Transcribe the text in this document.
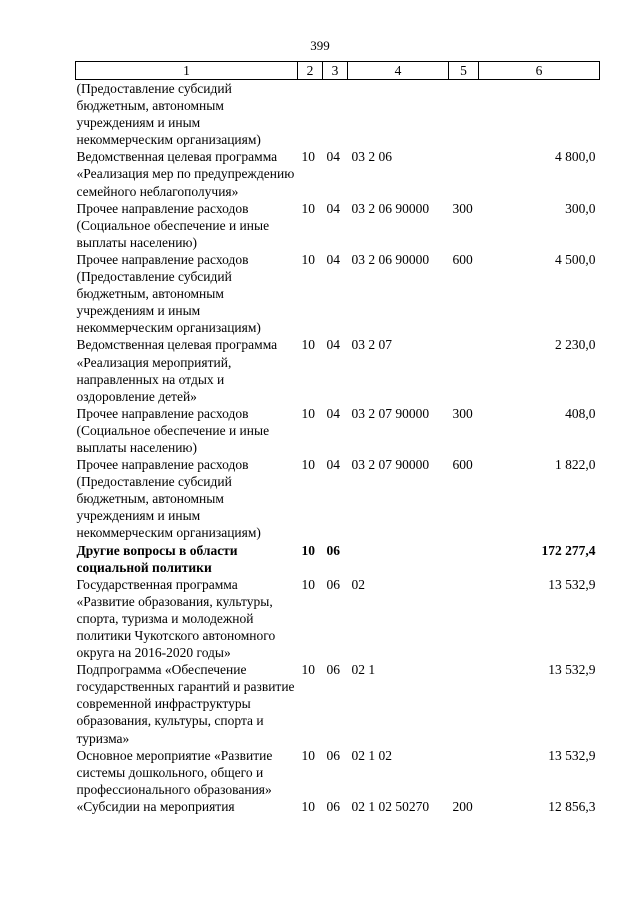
399
1	2	3	4	5	6
(Предоставление субсидий бюджетным, автономным учреждениям и иным некоммерческим организациям)					
Ведомственная целевая программа «Реализация мер по предупреждению семейного неблагополучия»	10	04	03 2 06		4 800,0
Прочее направление расходов (Социальное обеспечение и иные выплаты населению)	10	04	03 2 06 90000	300	300,0
Прочее направление расходов (Предоставление субсидий бюджетным, автономным учреждениям и иным некоммерческим организациям)	10	04	03 2 06 90000	600	4 500,0
Ведомственная целевая программа «Реализация мероприятий, направленных на отдых и оздоровление детей»	10	04	03 2 07		2 230,0
Прочее направление расходов (Социальное обеспечение и иные выплаты населению)	10	04	03 2 07 90000	300	408,0
Прочее направление расходов (Предоставление субсидий бюджетным, автономным учреждениям и иным некоммерческим организациям)	10	04	03 2 07 90000	600	1 822,0
Другие вопросы в области социальной политики	10	06			172 277,4
Государственная программа «Развитие образования, культуры, спорта, туризма и молодежной политики Чукотского автономного округа на 2016-2020 годы»	10	06	02		13 532,9
Подпрограмма «Обеспечение государственных гарантий и развитие современной инфраструктуры образования, культуры, спорта и туризма»	10	06	02 1		13 532,9
Основное мероприятие «Развитие системы дошкольного, общего и профессионального образования»	10	06	02 1 02		13 532,9
«Субсидии на мероприятия	10	06	02 1 02 50270	200	12 856,3
